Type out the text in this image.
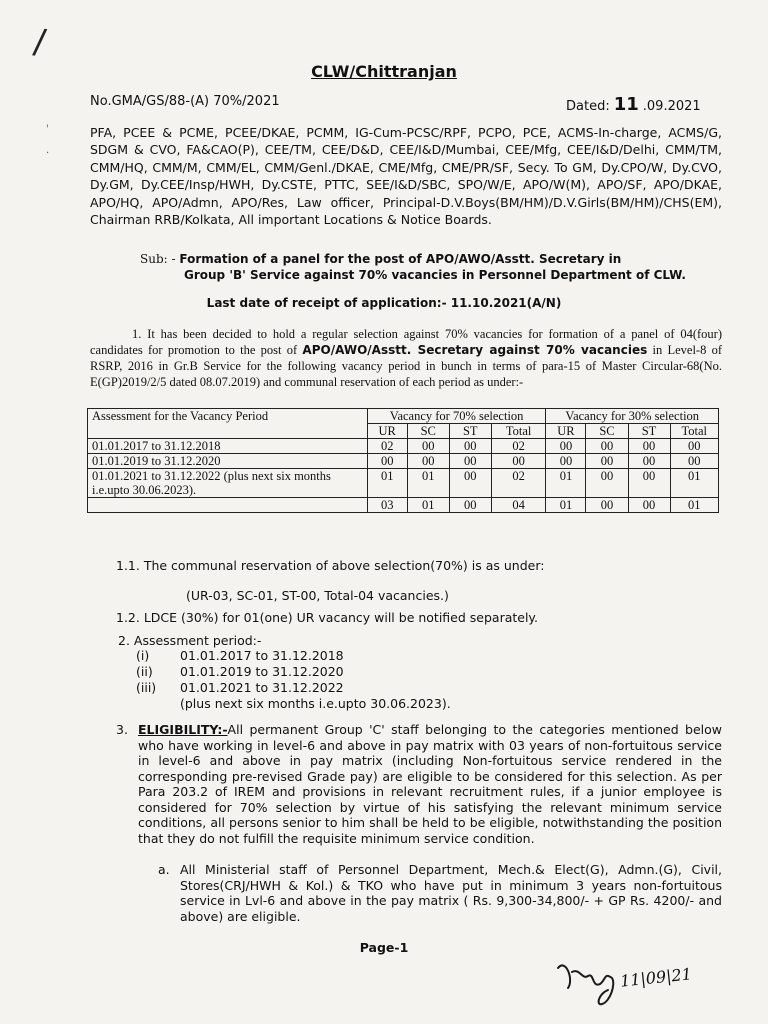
/
'

·
CLW/Chittranjan
No.GMA/GS/88-(A) 70%/2021	Dated: 11 .09.2021
PFA, PCEE & PCME, PCEE/DKAE, PCMM, IG-Cum-PCSC/RPF, PCPO, PCE, ACMS-In-charge, ACMS/G, SDGM & CVO, FA&CAO(P), CEE/TM, CEE/D&D, CEE/I&D/Mumbai, CEE/Mfg, CEE/I&D/Delhi, CMM/TM, CMM/HQ, CMM/M, CMM/EL, CMM/Genl./DKAE, CME/Mfg, CME/PR/SF, Secy. To GM, Dy.CPO/W, Dy.CVO, Dy.GM, Dy.CEE/Insp/HWH, Dy.CSTE, PTTC, SEE/I&D/SBC, SPO/W/E, APO/W(M), APO/SF, APO/DKAE, APO/HQ, APO/Admn, APO/Res, Law officer, Principal-D.V.Boys(BM/HM)/D.V.Girls(BM/HM)/CHS(EM), Chairman RRB/Kolkata, All important Locations & Notice Boards.
Sub: - Formation of a panel for the post of APO/AWO/Asstt. Secretary in
Group 'B' Service against 70% vacancies in Personnel Department of CLW.
Last date of receipt of application:- 11.10.2021(A/N)
1. It has been decided to hold a regular selection against 70% vacancies for formation of a panel of 04(four) candidates for promotion to the post of APO/AWO/Asstt. Secretary against 70% vacancies in Level-8 of RSRP, 2016 in Gr.B Service for the following vacancy period in bunch in terms of para-15 of Master Circular-68(No. E(GP)2019/2/5 dated 08.07.2019) and communal reservation of each period as under:-
Assessment for the Vacancy Period	Vacancy for 70% selection				Vacancy for 30% selection			
	UR	SC	ST	Total	UR	SC	ST	Total
01.01.2017 to 31.12.2018	02	00	00	02	00	00	00	00
01.01.2019 to 31.12.2020	00	00	00	00	00	00	00	00
01.01.2021 to 31.12.2022 (plus next six months i.e.upto 30.06.2023).	01	01	00	02	01	00	00	01
	03	01	00	04	01	00	00	01
1.1. The communal reservation of above selection(70%) is as under:
(UR-03, SC-01, ST-00, Total-04 vacancies.)
1.2. LDCE (30%) for 01(one) UR vacancy will be notified separately.
2. Assessment period:-
(i)	01.01.2017 to 31.12.2018
(ii)	01.01.2019 to 31.12.2020
(iii)	01.01.2021 to 31.12.2022
(plus next six months i.e.upto 30.06.2023).
3. ELIGIBILITY:-All permanent Group 'C' staff belonging to the categories mentioned below who have working in level-6 and above in pay matrix with 03 years of non-fortuitous service in level-6 and above in pay matrix (including Non-fortuitous service rendered in the corresponding pre-revised Grade pay) are eligible to be considered for this selection. As per Para 203.2 of IREM and provisions in relevant recruitment rules, if a junior employee is considered for 70% selection by virtue of his satisfying the relevant minimum service conditions, all persons senior to him shall be held to be eligible, notwithstanding the position that they do not fulfill the requisite minimum service condition.
a. All Ministerial staff of Personnel Department, Mech.& Elect(G), Admn.(G), Civil, Stores(CRJ/HWH & Kol.) & TKO who have put in minimum 3 years non-fortuitous service in Lvl-6 and above in the pay matrix ( Rs. 9,300-34,800/- + GP Rs. 4200/- and above) are eligible.
Page-1
11|09|21
